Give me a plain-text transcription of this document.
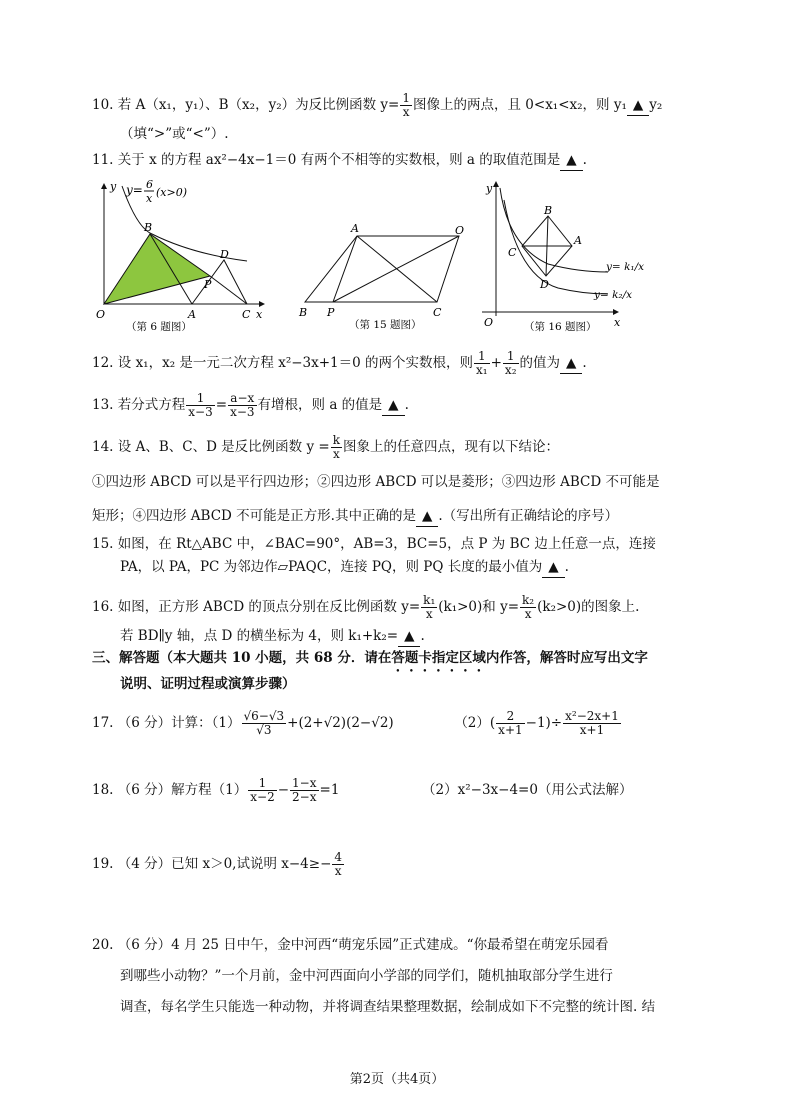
10. 若 A（x₁，y₁）、B（x₂，y₂）为反比例函数 $y= \frac{1}{x}$ 图像上的两点，且 0<x₁<x₂，则 y₁ ▲ y₂
（填“>”或“<”）.
11. 关于 x 的方程 ax²−4x−1＝0 有两个不相等的实数根，则 a 的取值范围是 ▲ .
y y= 6
x (x>0)
B
D
P
O	A	C x
（第 6 题图）
A	O
B P	C
（第 15 题图）
B
A
C
D
y
O	x
y= k₁/x
y= k₂/x
（第 16 题图）
12. 设 x₁，x₂ 是一元二次方程 x²−3x+1＝0 的两个实数根，则 $\frac{1}{\text{x₁}} + \frac{1}{\text{x₂}}$ 的值为 ▲ .
13. 若分式方程 $\frac{1}{x-3} = \frac{a-x}{x-3}$ 有增根，则 a 的值是 ▲ .
14. 设 A、B、C、D 是反比例函数 $y = \frac{k}{x}$ 图象上的任意四点，现有以下结论：
①四边形 ABCD 可以是平行四边形；②四边形 ABCD 可以是菱形；③四边形 ABCD 不可能是
矩形；④四边形 ABCD 不可能是正方形.其中正确的是 ▲ .（写出所有正确结论的序号）
15. 如图，在 Rt△ABC 中，∠BAC=90°，AB=3，BC=5，点 P 为 BC 边上任意一点，连接
PA，以 PA，PC 为邻边作▱PAQC，连接 PQ，则 PQ 长度的最小值为 ▲ .
16. 如图，正方形 ABCD 的顶点分别在反比例函数 $y= \frac{\text{k₁}}{x} (k_1>0)$和 $y= \frac{\text{k₂}}{x} (k_2>0)$的图象上.
若 BD∥y 轴，点 D 的横坐标为 4，则 k₁+k₂= ▲ .
三、解答题（本大题共 10 小题，共 68 分．请在答题卡指定区域内作答，解答时应写出文字
说明、证明过程或演算步骤）
17. （6 分）计算：$(1) \frac{√6-√3}{√3} +(2+√2)(2-√2)$	$(2)( \frac{2}{x+1} -1)\div \frac{\text{x²−2x+1}}{x+1}$
18. （6 分）解方程$(1) \frac{1}{x-2} - \frac{1-x}{2-x} =1$	（2）x²−3x−4=0（用公式法解）
19. （4 分）已知 x＞0,试说明 $x-4\ge- \frac{4}{x}$
20. （6 分）4 月 25 日中午，金中河西“萌宠乐园”正式建成。“你最希望在萌宠乐园看
到哪些小动物？”一个月前，金中河西面向小学部的同学们，随机抽取部分学生进行
调查，每名学生只能选一种动物，并将调查结果整理数据，绘制成如下不完整的统计图. 结
第2页（共4页）
